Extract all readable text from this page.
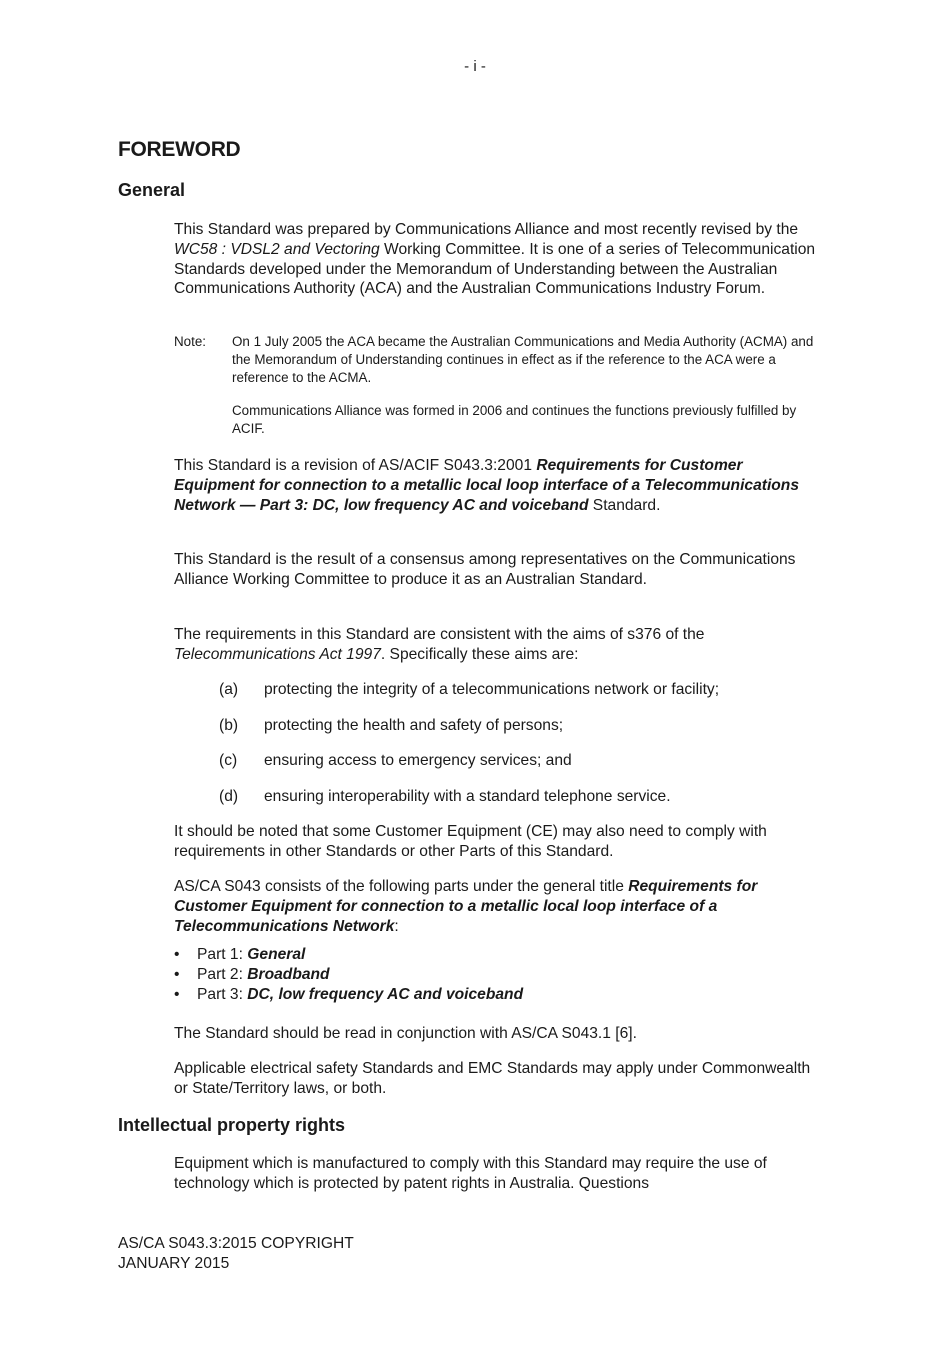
- i -
FOREWORD
General
This Standard was prepared by Communications Alliance and most recently revised by the WC58 : VDSL2 and Vectoring Working Committee. It is one of a series of Telecommunication Standards developed under the Memorandum of Understanding between the Australian Communications Authority (ACA) and the Australian Communications Industry Forum.
Note: On 1 July 2005 the ACA became the Australian Communications and Media Authority (ACMA) and the Memorandum of Understanding continues in effect as if the reference to the ACA were a reference to the ACMA.
Communications Alliance was formed in 2006 and continues the functions previously fulfilled by ACIF.
This Standard is a revision of AS/ACIF S043.3:2001 Requirements for Customer Equipment for connection to a metallic local loop interface of a Telecommunications Network — Part 3: DC, low frequency AC and voiceband Standard.
This Standard is the result of a consensus among representatives on the Communications Alliance Working Committee to produce it as an Australian Standard.
The requirements in this Standard are consistent with the aims of s376 of the Telecommunications Act 1997. Specifically these aims are:
(a) protecting the integrity of a telecommunications network or facility;
(b) protecting the health and safety of persons;
(c) ensuring access to emergency services; and
(d) ensuring interoperability with a standard telephone service.
It should be noted that some Customer Equipment (CE) may also need to comply with requirements in other Standards or other Parts of this Standard.
AS/CA S043 consists of the following parts under the general title Requirements for Customer Equipment for connection to a metallic local loop interface of a Telecommunications Network:
• Part 1: General
• Part 2: Broadband
• Part 3: DC, low frequency AC and voiceband
The Standard should be read in conjunction with AS/CA S043.1 [6].
Applicable electrical safety Standards and EMC Standards may apply under Commonwealth or State/Territory laws, or both.
Intellectual property rights
Equipment which is manufactured to comply with this Standard may require the use of technology which is protected by patent rights in Australia. Questions
AS/CA S043.3:2015 COPYRIGHT
JANUARY 2015
